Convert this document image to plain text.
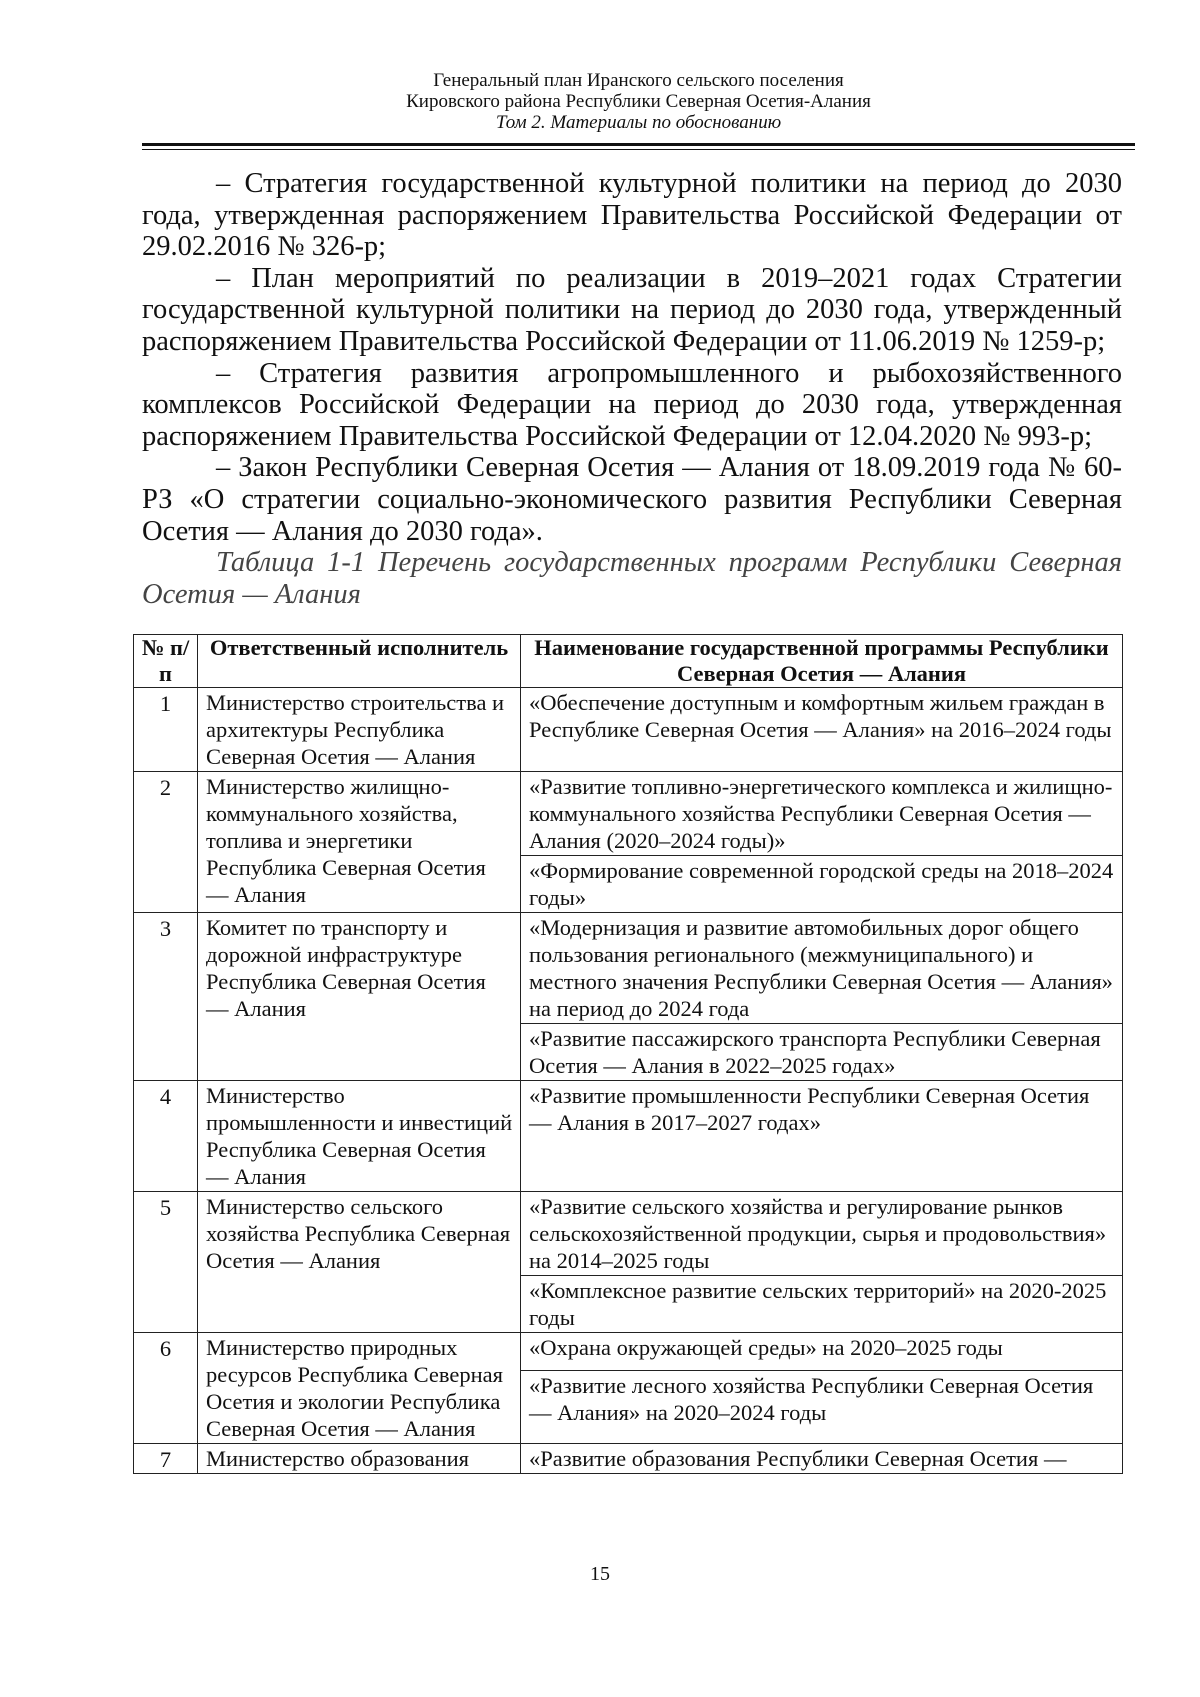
Генеральный план Иранского сельского поселения
Кировского района Республики Северная Осетия-Алания
Том 2. Материалы по обоснованию

– Стратегия государственной культурной политики на период до 2030 года, утвержденная распоряжением Правительства Российской Федерации от 29.02.2016 № 326-р;

– План мероприятий по реализации в 2019–2021 годах Стратегии государственной культурной политики на период до 2030 года, утвержденный распоряжением Правительства Российской Федерации от 11.06.2019 № 1259-р;

– Стратегия развития агропромышленного и рыбохозяйственного комплексов Российской Федерации на период до 2030 года, утвержденная распоряжением Правительства Российской Федерации от 12.04.2020 № 993-р;

– Закон Республики Северная Осетия — Алания от 18.09.2019 года № 60-РЗ «О стратегии социально-экономического развития Республики Северная Осетия — Алания до 2030 года».

Таблица 1-1 Перечень государственных программ Республики Северная Осетия — Алания

№ п/п	Ответственный исполнитель	Наименование государственной программы Республики Северная Осетия — Алания
1	Министерство строительства и архитектуры Республика Северная Осетия — Алания	«Обеспечение доступным и комфортным жильем граждан в Республике Северная Осетия — Алания» на 2016–2024 годы
2	Министерство жилищно-коммунального хозяйства, топлива и энергетики Республика Северная Осетия — Алания	«Развитие топливно-энергетического комплекса и жилищно-коммунального хозяйства Республики Северная Осетия — Алания (2020–2024 годы)»
		«Формирование современной городской среды на 2018–2024 годы»
3	Комитет по транспорту и дорожной инфраструктуре Республика Северная Осетия — Алания	«Модернизация и развитие автомобильных дорог общего пользования регионального (межмуниципального) и местного значения Республики Северная Осетия — Алания» на период до 2024 года
		«Развитие пассажирского транспорта Республики Северная Осетия — Алания в 2022–2025 годах»
4	Министерство промышленности и инвестиций Республика Северная Осетия — Алания	«Развитие промышленности Республики Северная Осетия — Алания в 2017–2027 годах»
5	Министерство сельского хозяйства Республика Северная Осетия — Алания	«Развитие сельского хозяйства и регулирование рынков сельскохозяйственной продукции, сырья и продовольствия» на 2014–2025 годы
		«Комплексное развитие сельских территорий» на 2020-2025 годы
6	Министерство природных ресурсов Республика Северная Осетия и экологии Республика Северная Осетия — Алания	«Охрана окружающей среды» на 2020–2025 годы
		«Развитие лесного хозяйства Республики Северная Осетия — Алания» на 2020–2024 годы
7	Министерство образования	«Развитие образования Республики Северная Осетия —
15
